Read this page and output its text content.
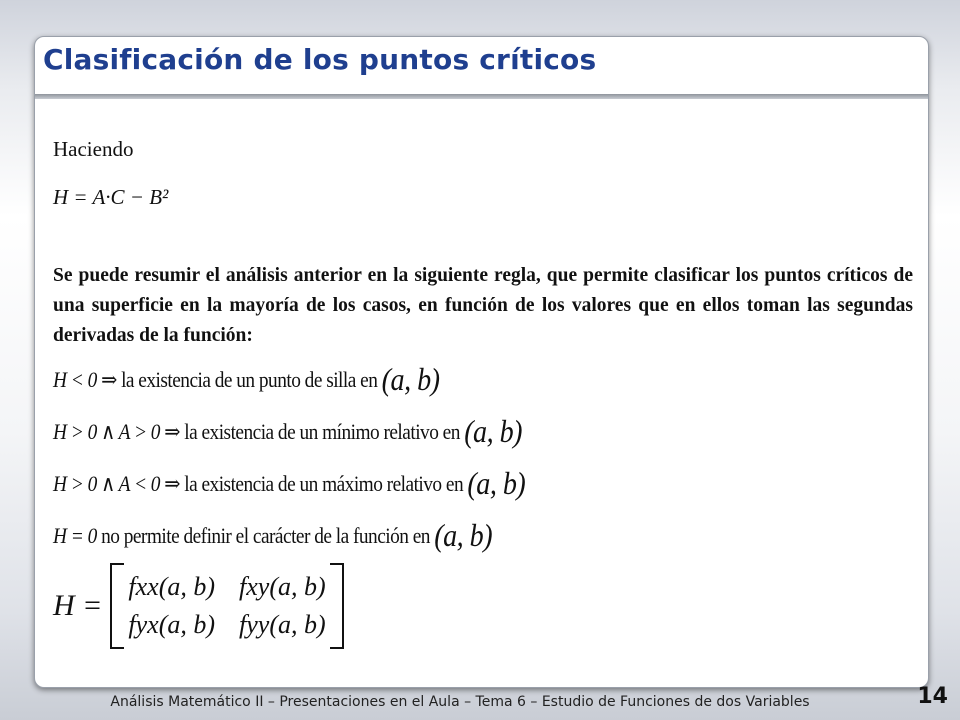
Clasificación de los puntos críticos
Haciendo
H = A·C − B²
Se puede resumir el análisis anterior en la siguiente regla, que permite clasificar los puntos críticos de una superficie en la mayoría de los casos, en función de los valores que en ellos toman las segundas derivadas de la función:
H < 0 ⇒ la existencia de un punto de silla en (a, b)
H > 0 ∧ A > 0 ⇒ la existencia de un mínimo relativo en (a, b)
H > 0 ∧ A < 0 ⇒ la existencia de un máximo relativo en (a, b)
H = 0 no permite definir el carácter de la función en (a, b)
H =
fxx(a, b) fxy(a, b)
fyx(a, b) fyy(a, b)
Análisis Matemático II – Presentaciones en el Aula – Tema 6 – Estudio de Funciones de dos Variables	14
